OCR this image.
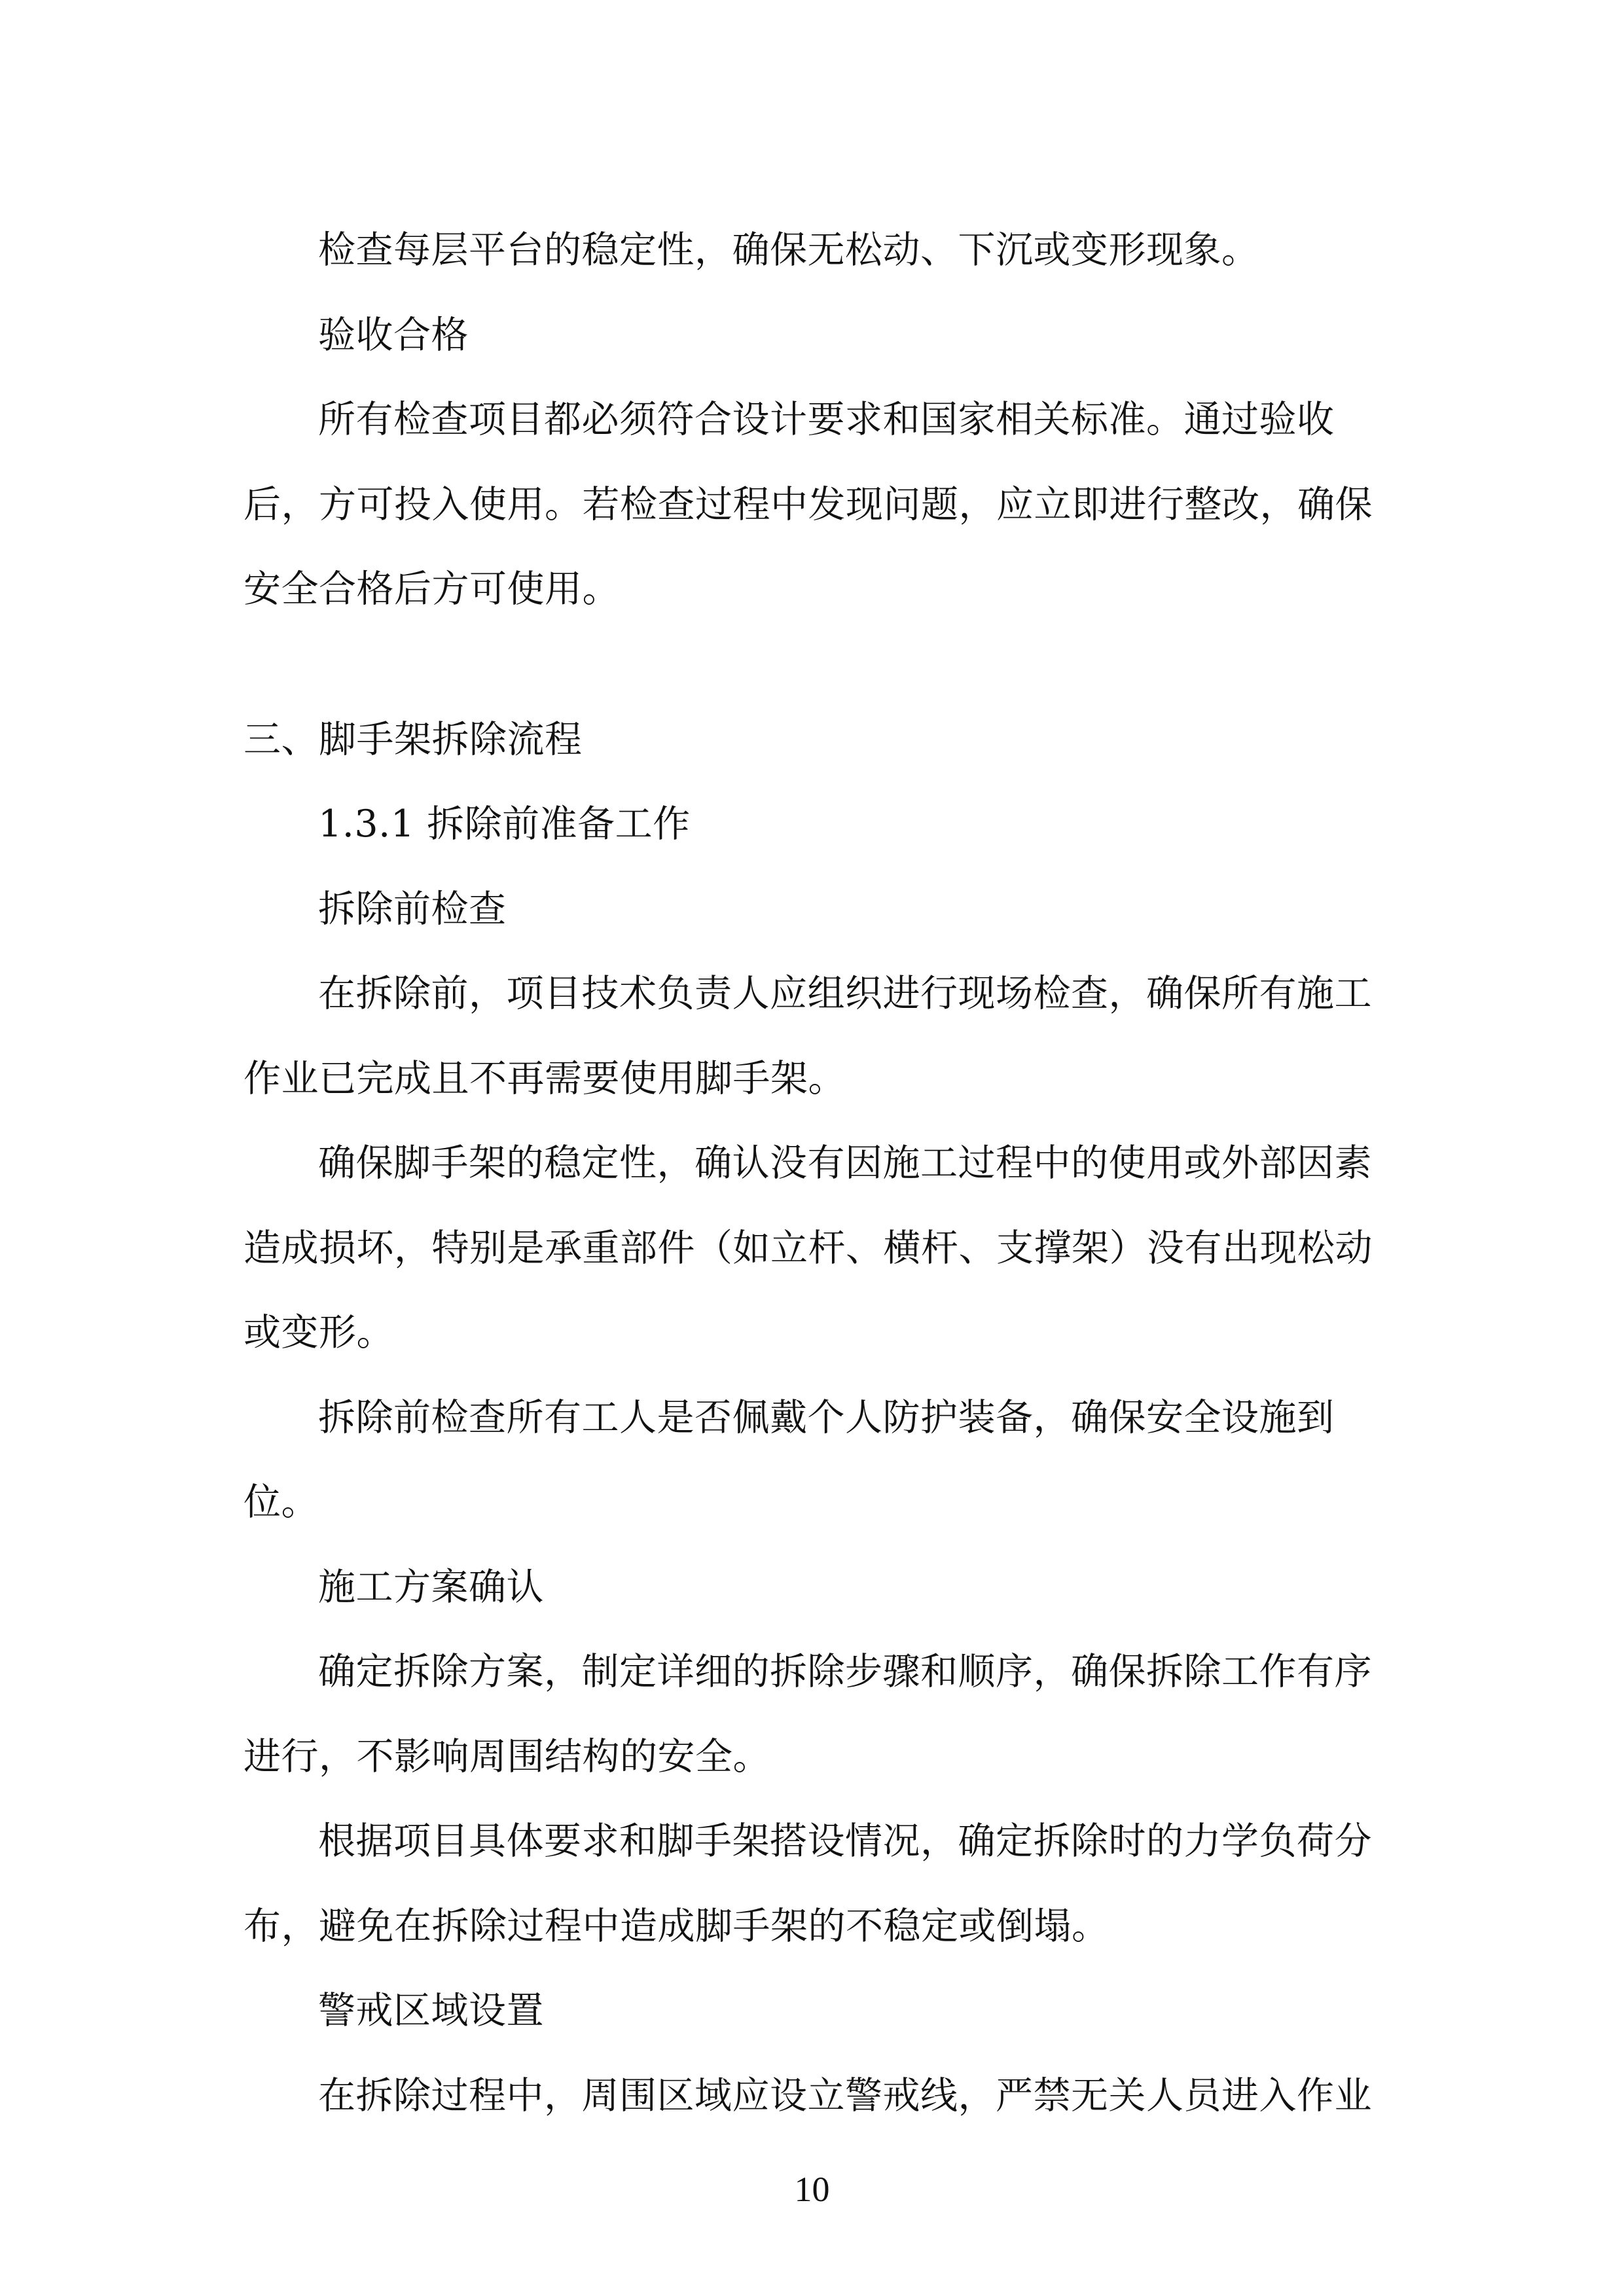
检查每层平台的稳定性，确保无松动、下沉或变形现象。

验收合格

所有检查项目都必须符合设计要求和国家相关标准。通过验收后，方可投入使用。若检查过程中发现问题，应立即进行整改，确保安全合格后方可使用。

三、脚手架拆除流程

1.3.1 拆除前准备工作

拆除前检查

在拆除前，项目技术负责人应组织进行现场检查，确保所有施工作业已完成且不再需要使用脚手架。

确保脚手架的稳定性，确认没有因施工过程中的使用或外部因素造成损坏，特别是承重部件（如立杆、横杆、支撑架）没有出现松动或变形。

拆除前检查所有工人是否佩戴个人防护装备，确保安全设施到位。

施工方案确认

确定拆除方案，制定详细的拆除步骤和顺序，确保拆除工作有序进行，不影响周围结构的安全。

根据项目具体要求和脚手架搭设情况，确定拆除时的力学负荷分布，避免在拆除过程中造成脚手架的不稳定或倒塌。

警戒区域设置

在拆除过程中，周围区域应设立警戒线，严禁无关人员进入作业

10
